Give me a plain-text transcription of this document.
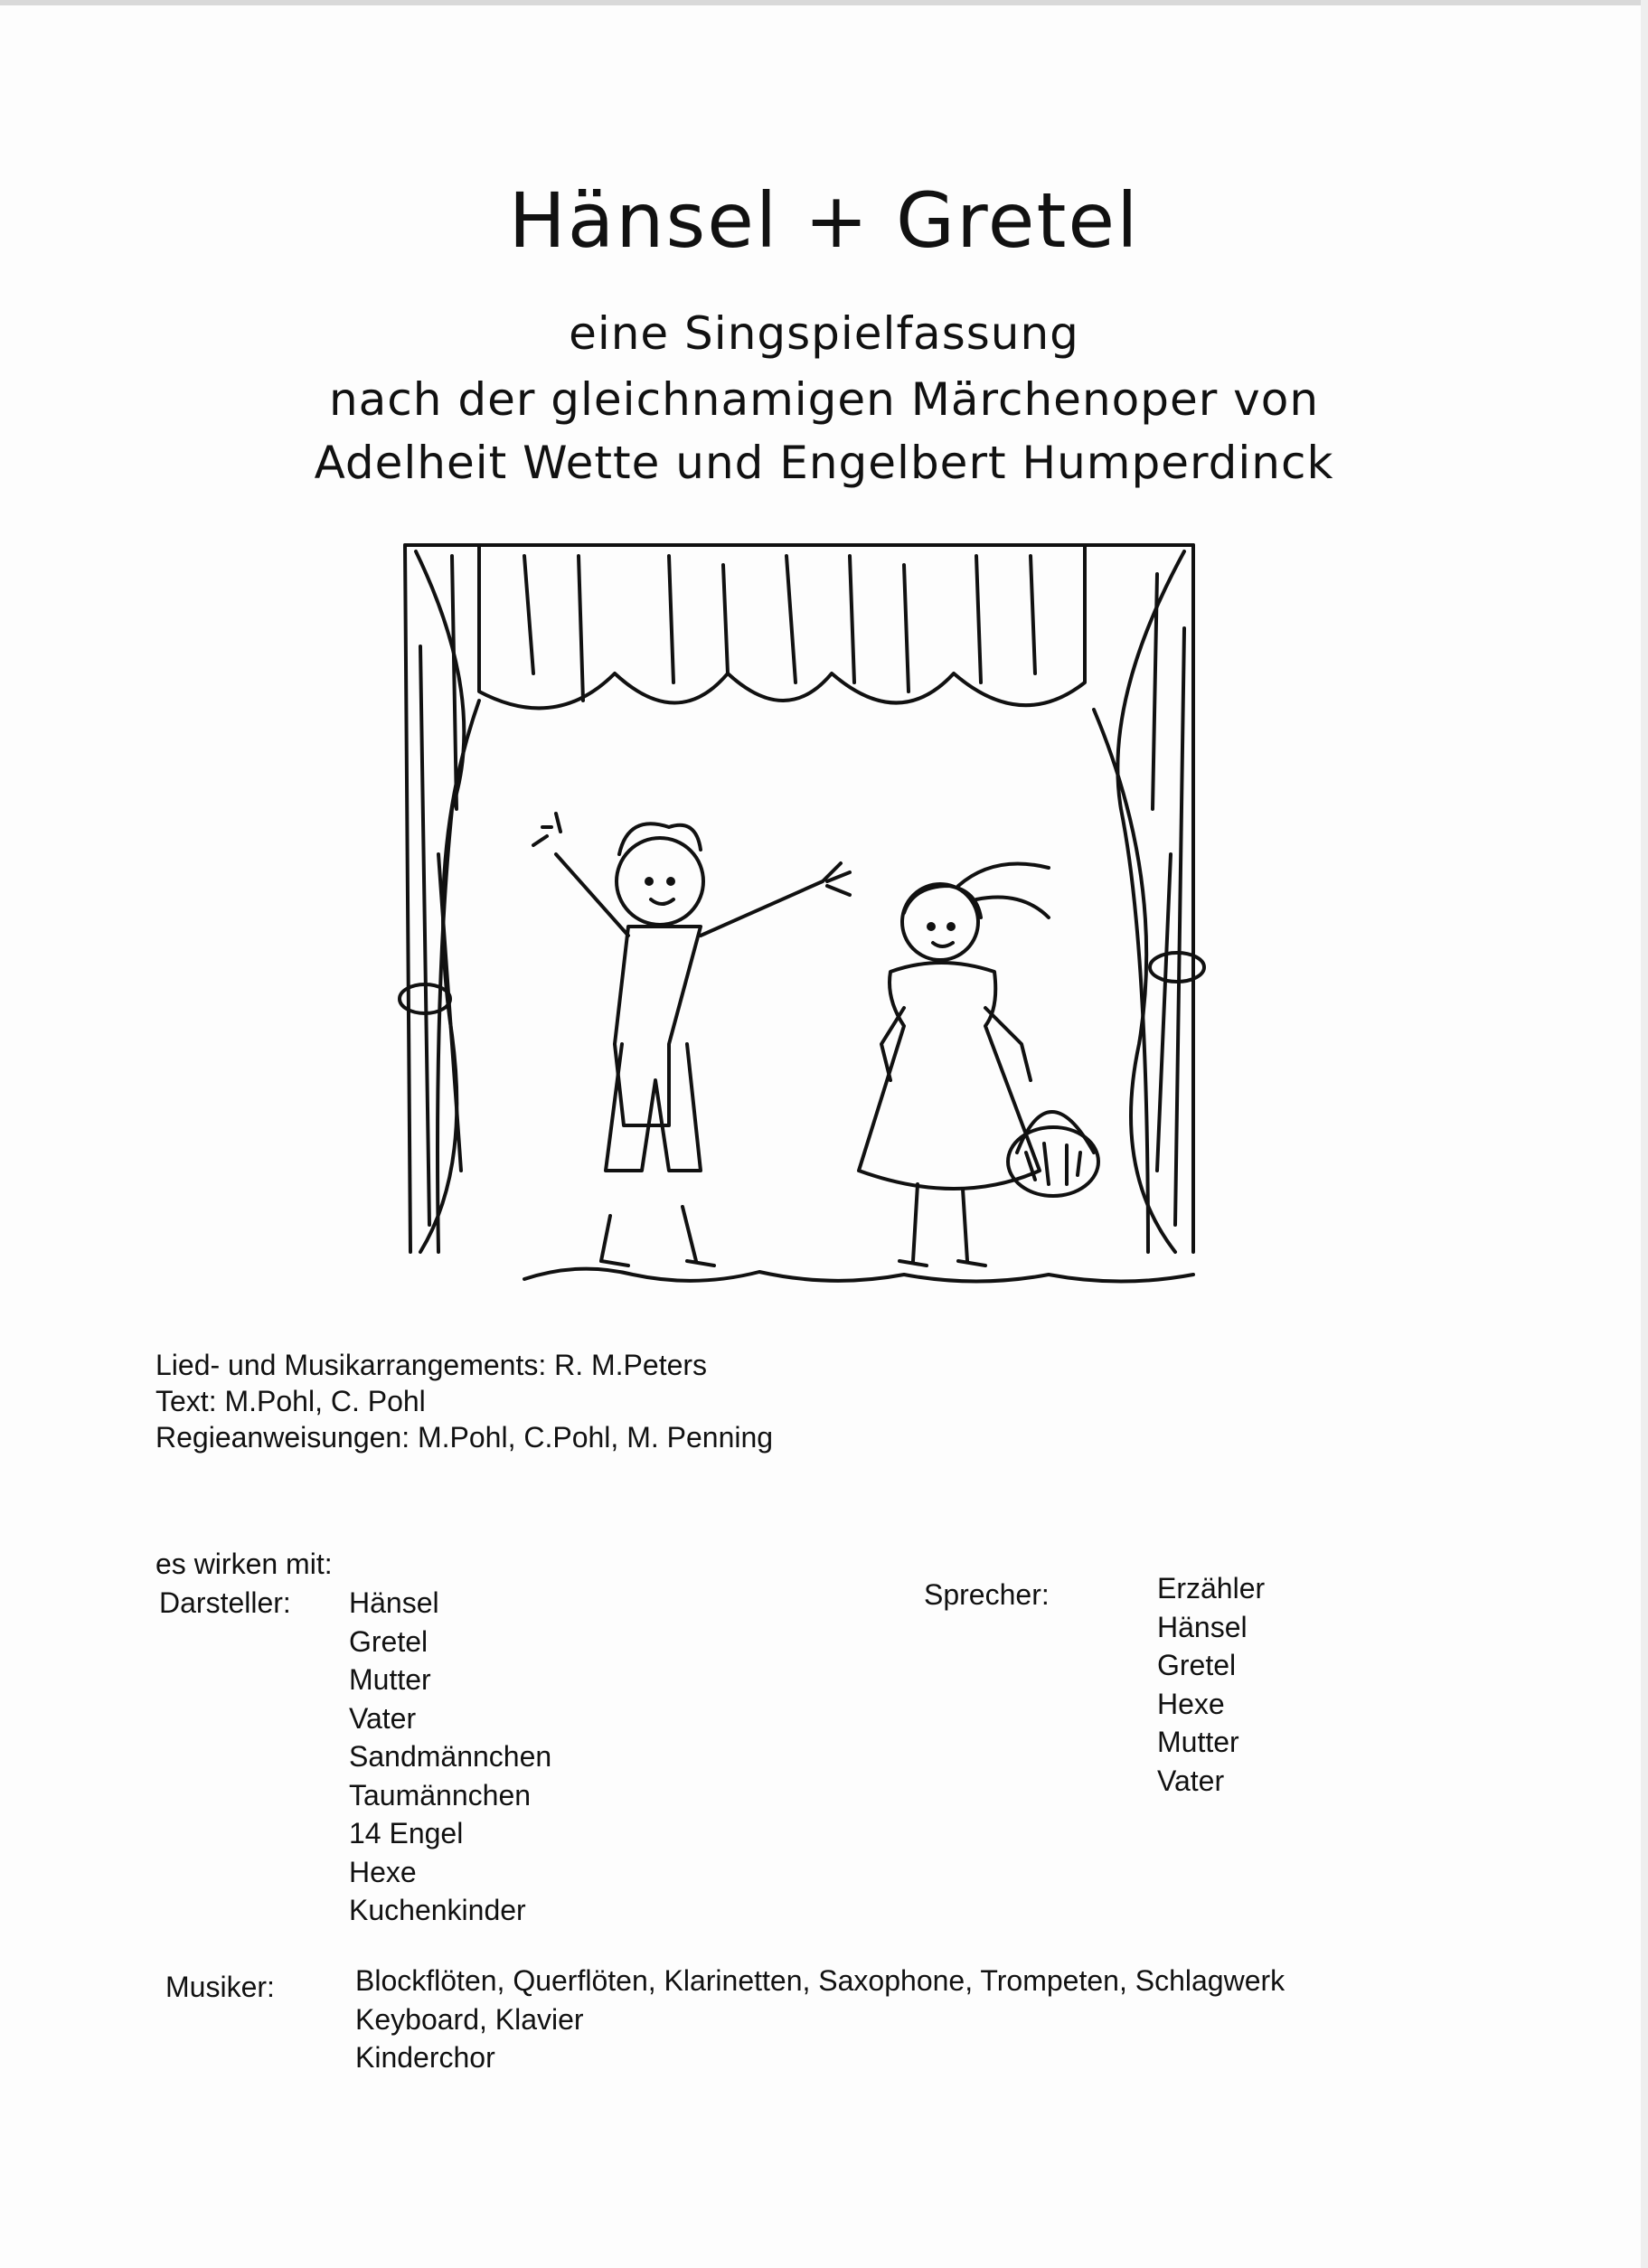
Hänsel + Gretel
eine Singspielfassung
nach der gleichnamigen Märchenoper von
Adelheit Wette und Engelbert Humperdinck
Lied- und Musikarrangements: R. M.Peters
Text: M.Pohl, C. Pohl
Regieanweisungen: M.Pohl, C.Pohl, M. Penning
es wirken mit:
Darsteller: Hänsel
Gretel
Mutter
Vater
Sandmännchen
Taumännchen
14 Engel
Hexe
Kuchenkinder
Sprecher:	Erzähler
Hänsel
Gretel
Hexe
Mutter
Vater
Musiker:	Blockflöten, Querflöten, Klarinetten, Saxophone, Trompeten, Schlagwerk
Keyboard, Klavier
Kinderchor
